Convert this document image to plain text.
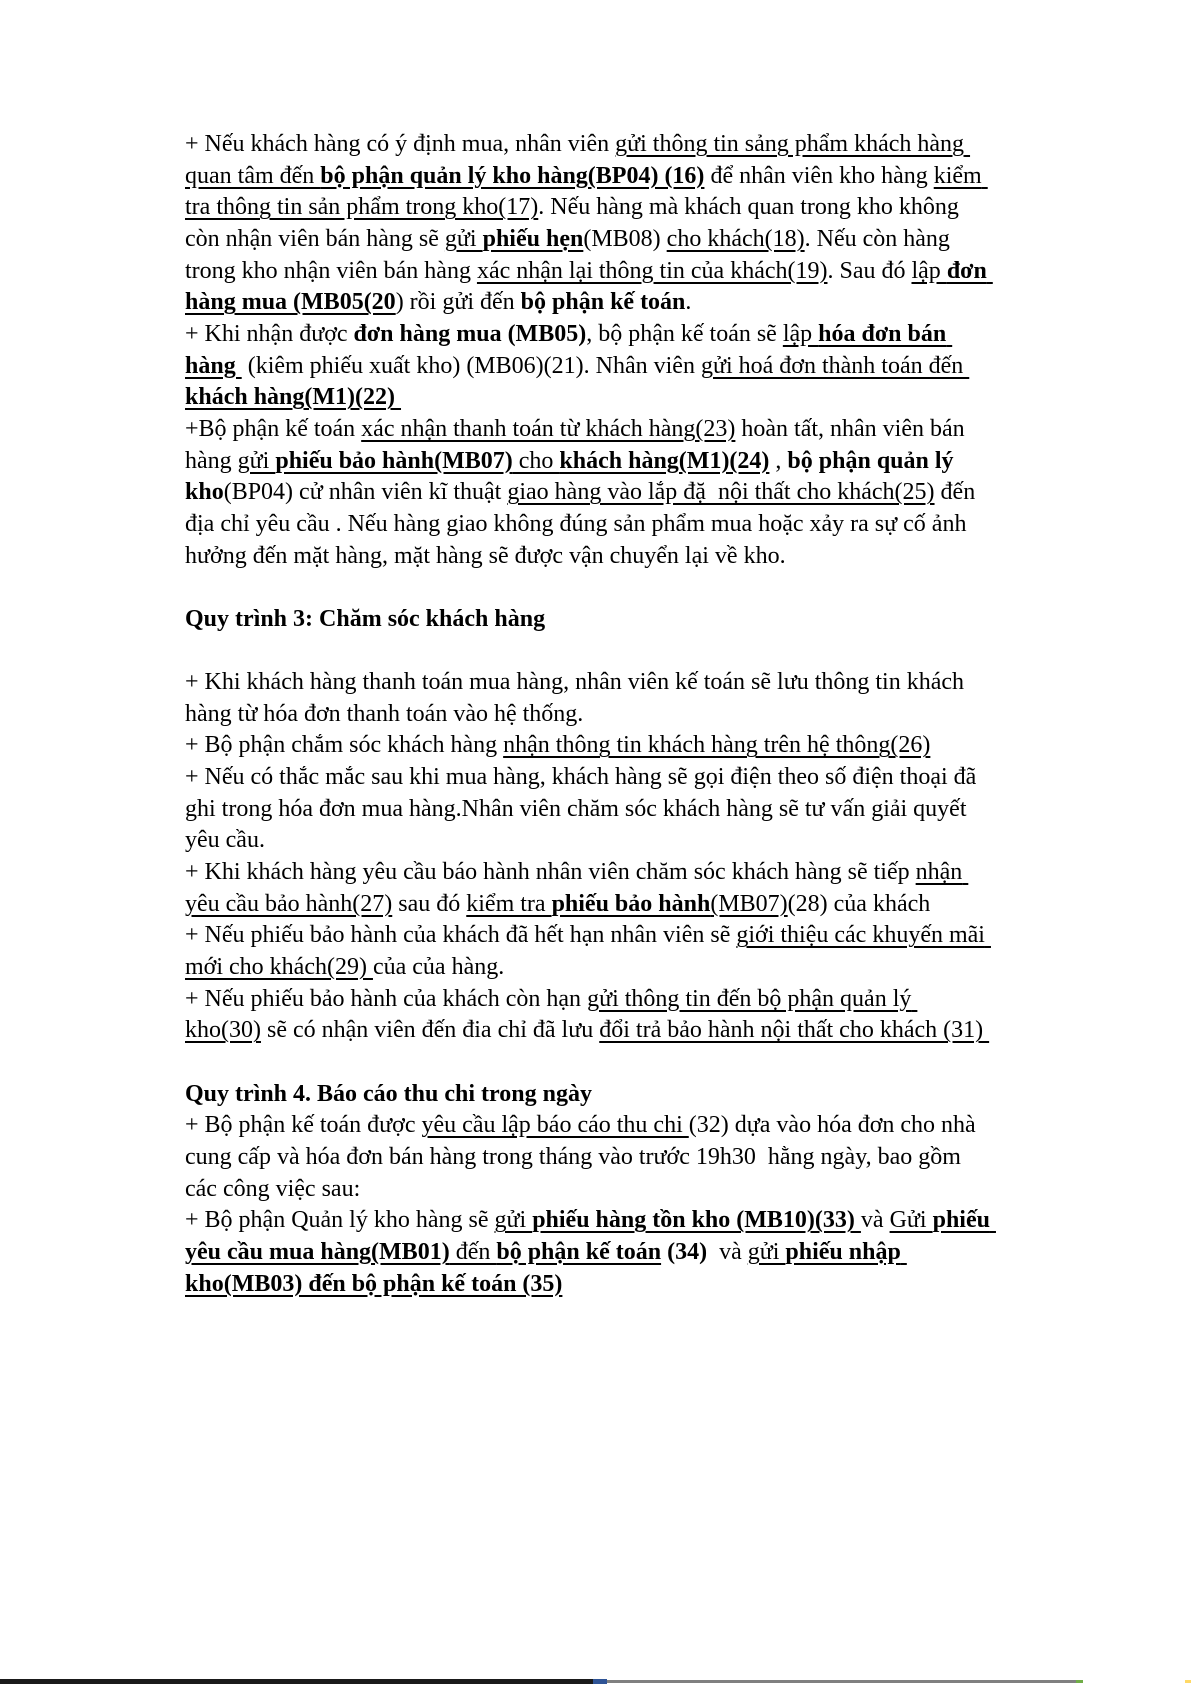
+ Nếu khách hàng có ý định mua, nhân viên gửi thông tin sảng phẩm khách hàng quan tâm đến bộ phận quản lý kho hàng(BP04) (16) để nhân viên kho hàng kiểm tra thông tin sản phẩm trong kho(17). Nếu hàng mà khách quan trong kho không còn nhận viên bán hàng sẽ gửi phiếu hẹn(MB08) cho khách(18). Nếu còn hàng trong kho nhận viên bán hàng xác nhận lại thông tin của khách(19). Sau đó lập đơn hàng mua (MB05(20) rồi gửi đến bộ phận kế toán.

+ Khi nhận được đơn hàng mua (MB05), bộ phận kế toán sẽ lập hóa đơn bán hàng  (kiêm phiếu xuất kho) (MB06)(21). Nhân viên gửi hoá đơn thành toán đến khách hàng(M1)(22)

+Bộ phận kế toán xác nhận thanh toán từ khách hàng(23) hoàn tất, nhân viên bán hàng gửi phiếu bảo hành(MB07) cho khách hàng(M1)(24) , bộ phận quản lý kho(BP04) cử nhân viên kĩ thuật giao hàng vào lắp đặ  nội thất cho khách(25) đến địa chỉ yêu cầu . Nếu hàng giao không đúng sản phẩm mua hoặc xảy ra sự cố ảnh hưởng đến mặt hàng, mặt hàng sẽ được vận chuyển lại về kho.

Quy trình 3: Chăm sóc khách hàng

+ Khi khách hàng thanh toán mua hàng, nhân viên kế toán sẽ lưu thông tin khách hàng từ hóa đơn thanh toán vào hệ thống.

+ Bộ phận chắm sóc khách hàng nhận thông tin khách hàng trên hệ thông(26)

+ Nếu có thắc mắc sau khi mua hàng, khách hàng sẽ gọi điện theo số điện thoại đã ghi trong hóa đơn mua hàng.Nhân viên chăm sóc khách hàng sẽ tư vấn giải quyết yêu cầu.

+ Khi khách hàng yêu cầu báo hành nhân viên chăm sóc khách hàng sẽ tiếp nhận yêu cầu bảo hành(27) sau đó kiểm tra phiếu bảo hành(MB07)(28) của khách

+ Nếu phiếu bảo hành của khách đã hết hạn nhân viên sẽ giới thiệu các khuyến mãi mới cho khách(29) của của hàng.

+ Nếu phiếu bảo hành của khách còn hạn gửi thông tin đến bộ phận quản lý kho(30) sẽ có nhận viên đến đia chỉ đã lưu đổi trả bảo hành nội thất cho khách (31)

Quy trình 4. Báo cáo thu chi trong ngày

+ Bộ phận kế toán được yêu cầu lập báo cáo thu chi (32) dựa vào hóa đơn cho nhà cung cấp và hóa đơn bán hàng trong tháng vào trước 19h30  hằng ngày, bao gồm các công việc sau:

+ Bộ phận Quản lý kho hàng sẽ gửi phiếu hàng tồn kho (MB10)(33) và Gửi phiếu yêu cầu mua hàng(MB01) đến bộ phận kế toán (34)  và gửi phiếu nhập kho(MB03) đến bộ phận kế toán (35)
